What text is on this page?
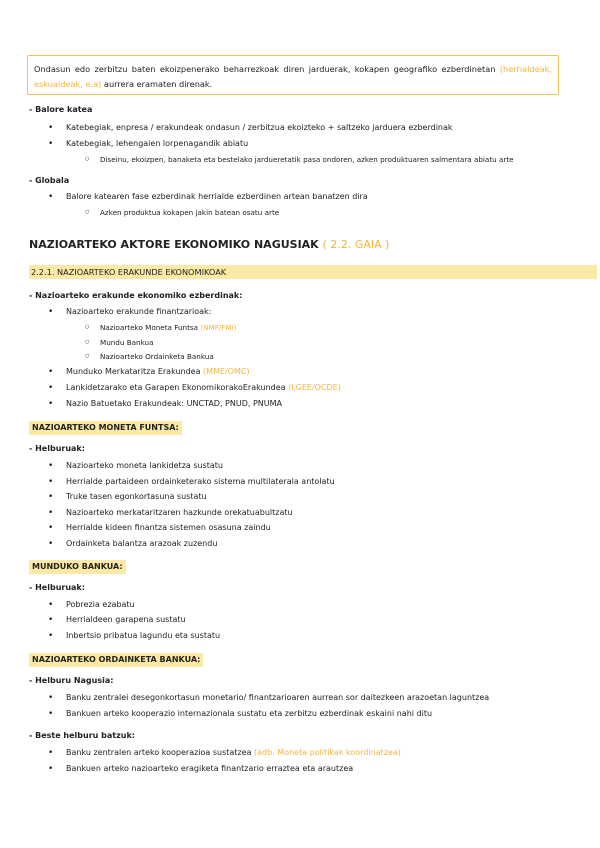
Ondasun edo zerbitzu baten ekoizpenerako beharrezkoak diren jarduerak, kokapen geografiko ezberdinetan (herrialdeak, eskualdeak, e.a) aurrera eramaten direnak.
- Balore katea
• Katebegiak, enpresa / erakundeak ondasun / zerbitzua ekoizteko + saltzeko jarduera ezberdinak
• Katebegiak, lehengaien lorpenagandik abiatu
○ Diseinu, ekoizpen, banaketa eta bestelako jardueretatik pasa ondoren, azken produktuaren salmentara abiatu arte
- Globala
• Balore katearen fase ezberdinak herrialde ezberdinen artean banatzen dira
○ Azken produktua kokapen jakin batean osatu arte
NAZIOARTEKO AKTORE EKONOMIKO NAGUSIAK ( 2.2. GAIA )
2.2.1. NAZIOARTEKO ERAKUNDE EKONOMIKOAK
- Nazioarteko erakunde ekonomiko ezberdinak:
• Nazioarteko erakunde finantzarioak:
○ Nazioarteko Moneta Funtsa (NMF/FMI)
○ Mundu Bankua
○ Nazioarteko Ordainketa Bankua
• Munduko Merkataritza Erakundea (MME/OMC)
• Lankidetzarako eta Garapen EkonomikorakoErakundea (LGEE/OCDE)
• Nazio Batuetako Erakundeak: UNCTAD, PNUD, PNUMA
NAZIOARTEKO MONETA FUNTSA:
- Helburuak:
• Nazioarteko moneta lankidetza sustatu
• Herrialde partaideen ordainketerako sistema multilaterala antolatu
• Truke tasen egonkortasuna sustatu
• Nazioarteko merkataritzaren hazkunde orekatuabultzatu
• Herrialde kideen finantza sistemen osasuna zaindu
• Ordainketa balantza arazoak zuzendu
MUNDUKO BANKUA:
- Helburuak:
• Pobrezia ezabatu
• Herrialdeen garapena sustatu
• Inbertsio pribatua lagundu eta sustatu
NAZIOARTEKO ORDAINKETA BANKUA:
- Helburu Nagusia:
• Banku zentralei desegonkortasun monetario/ finantzarioaren aurrean sor daitezkeen arazoetan laguntzea
• Bankuen arteko kooperazio internazionala sustatu eta zerbitzu ezberdinak eskaini nahi ditu
- Beste helburu batzuk:
• Banku zentralen arteko kooperazioa sustatzea (adb. Moneta politikak koordinatzea)
• Bankuen arteko nazioarteko eragiketa finantzario erraztea eta arautzea
